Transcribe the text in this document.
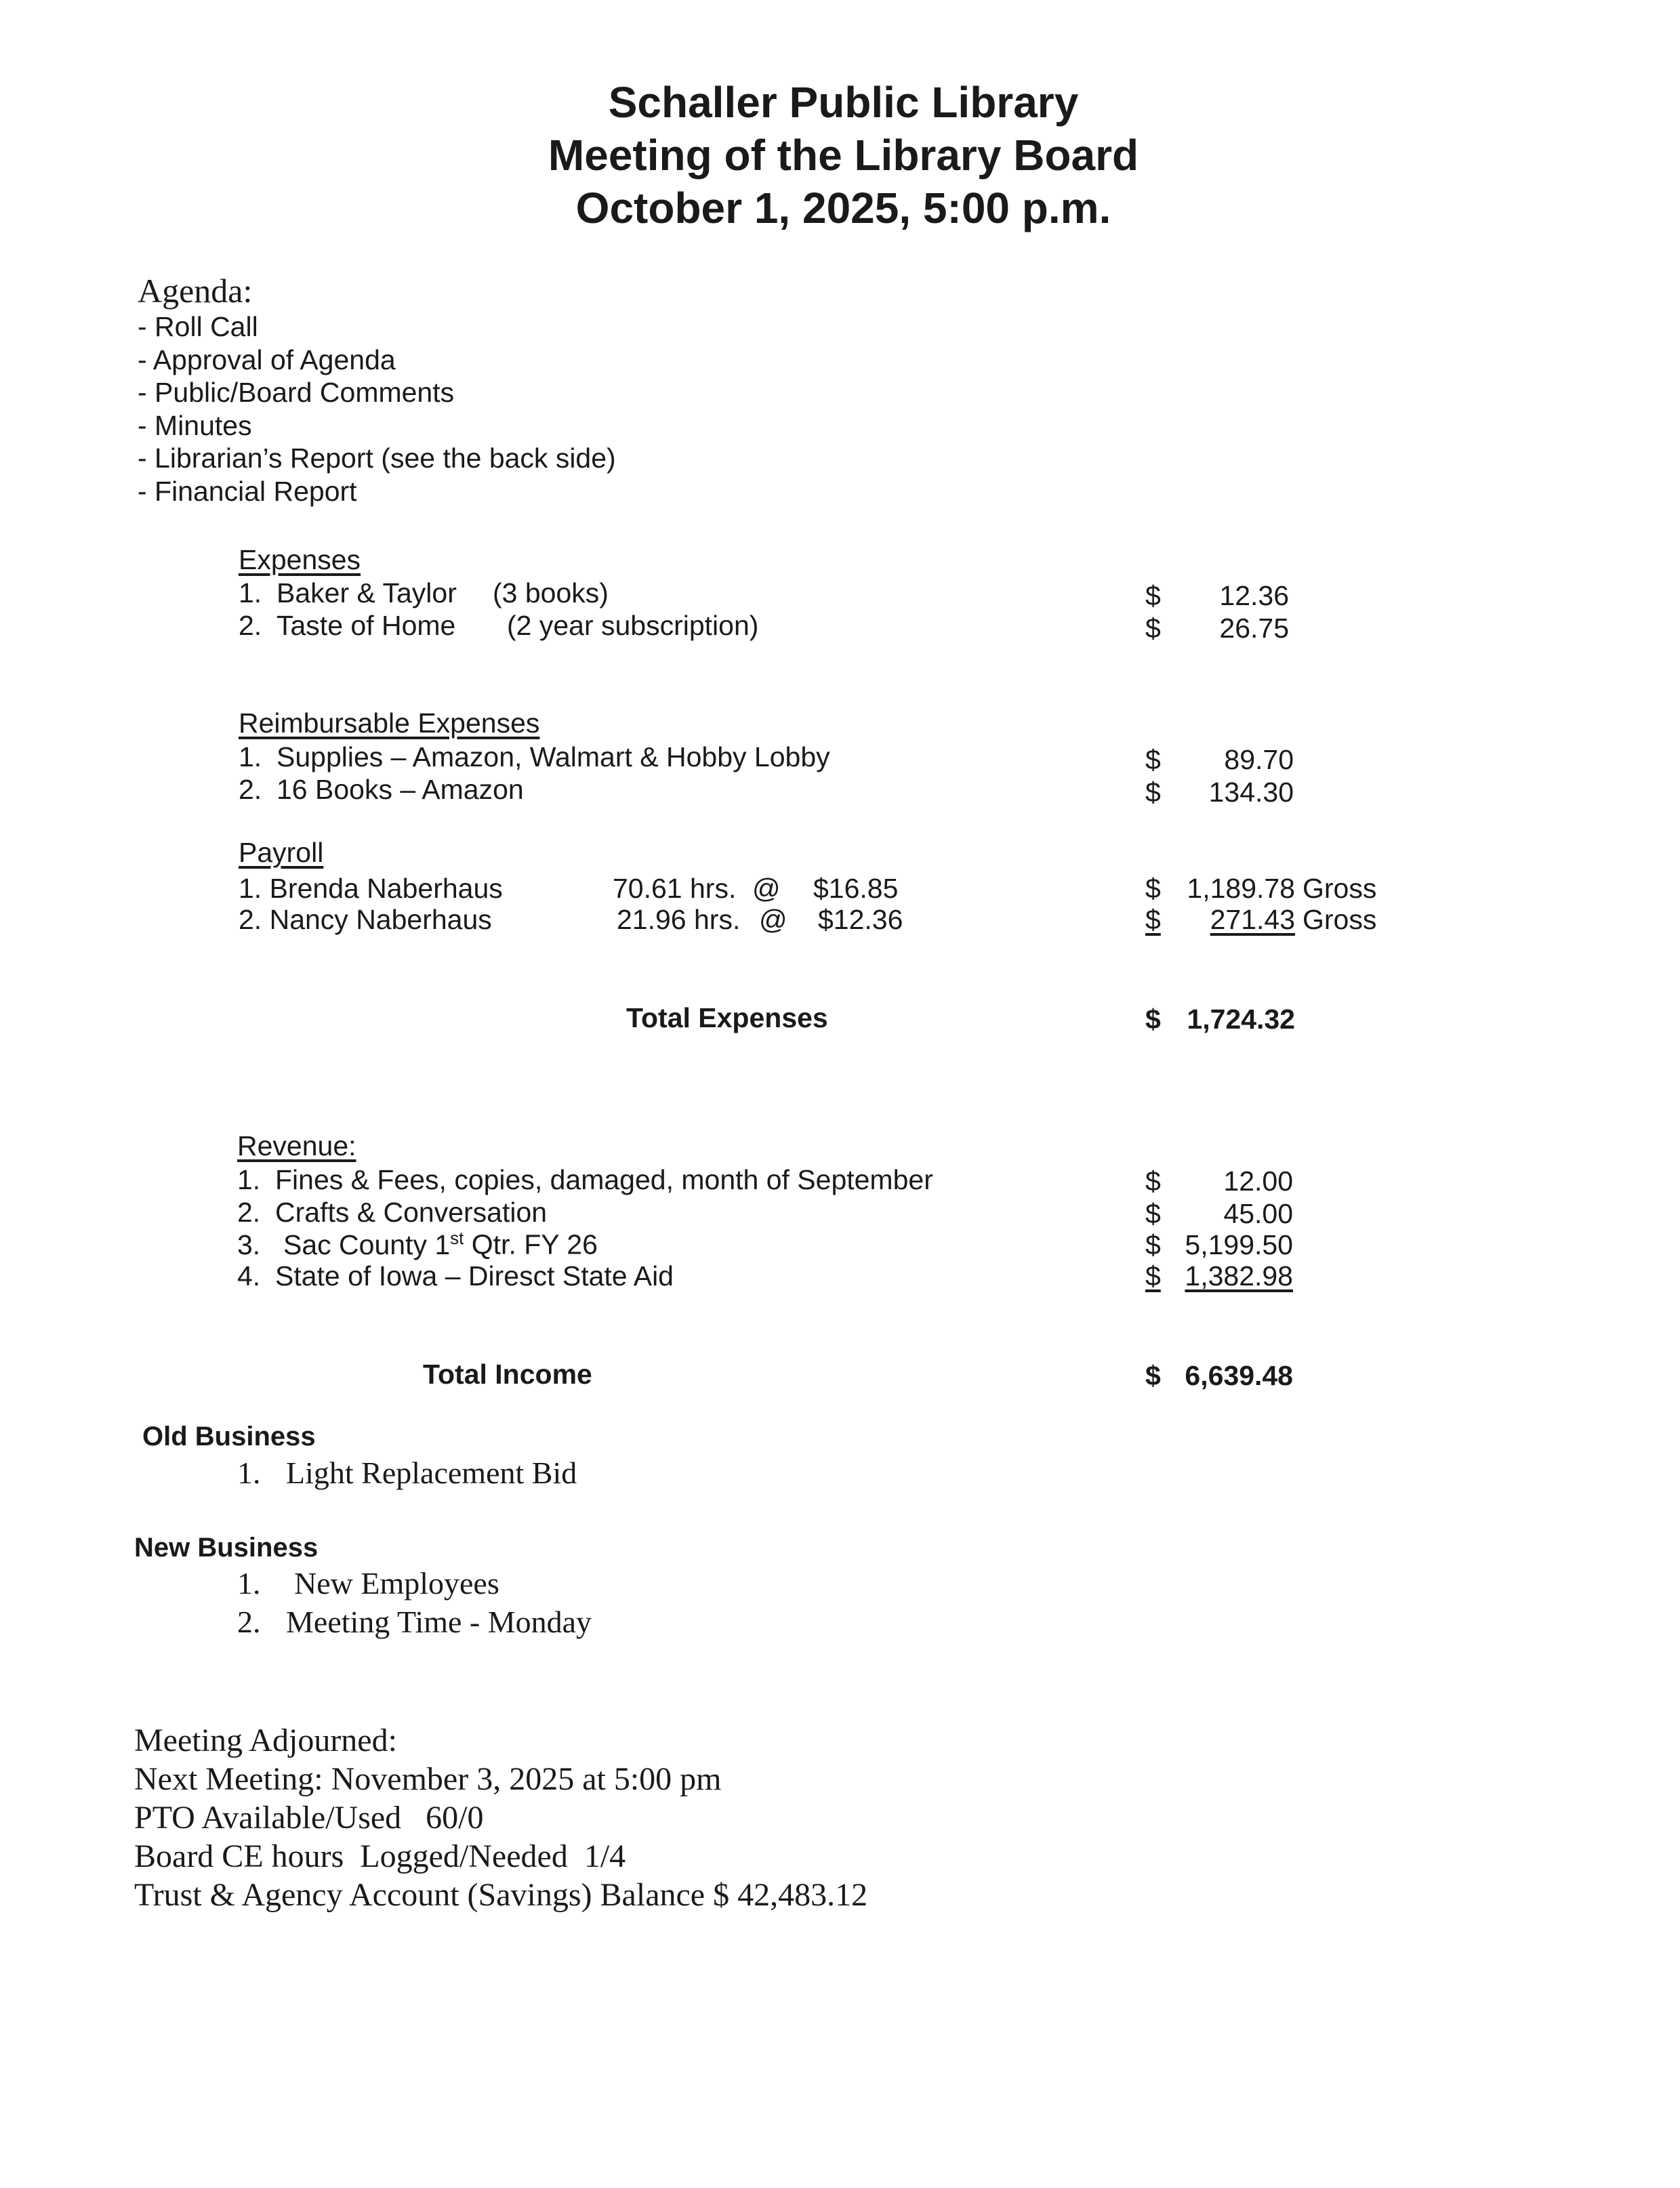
Schaller Public Library
Meeting of the Library Board
October 1, 2025, 5:00 p.m.
Agenda:
- Roll Call
- Approval of Agenda
- Public/Board Comments
- Minutes
- Librarian’s Report (see the back side)
- Financial Report
Expenses
1. Baker & Taylor (3 books)	$	12.36
2. Taste of Home (2 year subscription)	$	26.75
Reimbursable Expenses
1. Supplies – Amazon, Walmart & Hobby Lobby	$	89.70
2. 16 Books – Amazon	$	134.30
Payroll
1. Brenda Naberhaus	70.61 hrs. @ $16.85	$ 1,189.78 Gross
2. Nancy Naberhaus	21.96 hrs. @ $12.36	$	271.43 Gross
Total Expenses	$ 1,724.32
Revenue:
1. Fines & Fees, copies, damaged, month of September	$	12.00
2. Crafts & Conversation	$	45.00
3. Sac County 1st Qtr. FY 26	$ 5,199.50
4. State of Iowa – Diresct State Aid	$ 1,382.98
Total Income	$ 6,639.48
Old Business
1. Light Replacement Bid
New Business
1. New Employees
2. Meeting Time - Monday
Meeting Adjourned:
Next Meeting: November 3, 2025 at 5:00 pm
PTO Available/Used   60/0
Board CE hours  Logged/Needed  1/4
Trust & Agency Account (Savings) Balance $ 42,483.12
